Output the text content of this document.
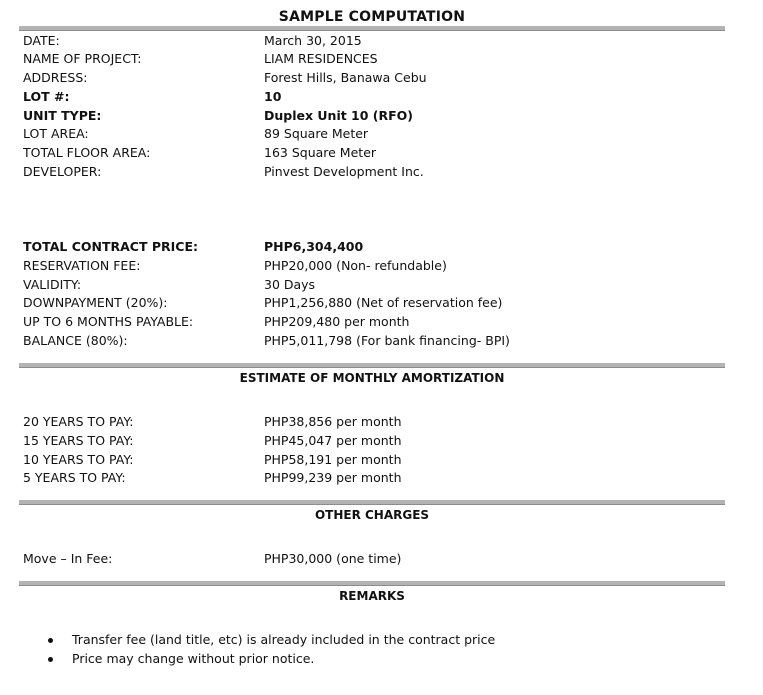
SAMPLE COMPUTATION
DATE:	March 30, 2015
NAME OF PROJECT:	LIAM RESIDENCES
ADDRESS:	Forest Hills, Banawa Cebu
LOT #:	10
UNIT TYPE:	Duplex Unit 10 (RFO)
LOT AREA:	89 Square Meter
TOTAL FLOOR AREA:	163 Square Meter
DEVELOPER:	Pinvest Development Inc.
TOTAL CONTRACT PRICE:	PHP6,304,400
RESERVATION FEE:	PHP20,000 (Non- refundable)
VALIDITY:	30 Days
DOWNPAYMENT (20%):	PHP1,256,880 (Net of reservation fee)
UP TO 6 MONTHS PAYABLE:	PHP209,480 per month
BALANCE (80%):	PHP5,011,798 (For bank financing- BPI)
ESTIMATE OF MONTHLY AMORTIZATION
20 YEARS TO PAY:	PHP38,856 per month
15 YEARS TO PAY:	PHP45,047 per month
10 YEARS TO PAY:	PHP58,191 per month
5 YEARS TO PAY:	PHP99,239 per month
OTHER CHARGES
Move – In Fee:	PHP30,000 (one time)
REMARKS
Transfer fee (land title, etc) is already included in the contract price
Price may change without prior notice.
